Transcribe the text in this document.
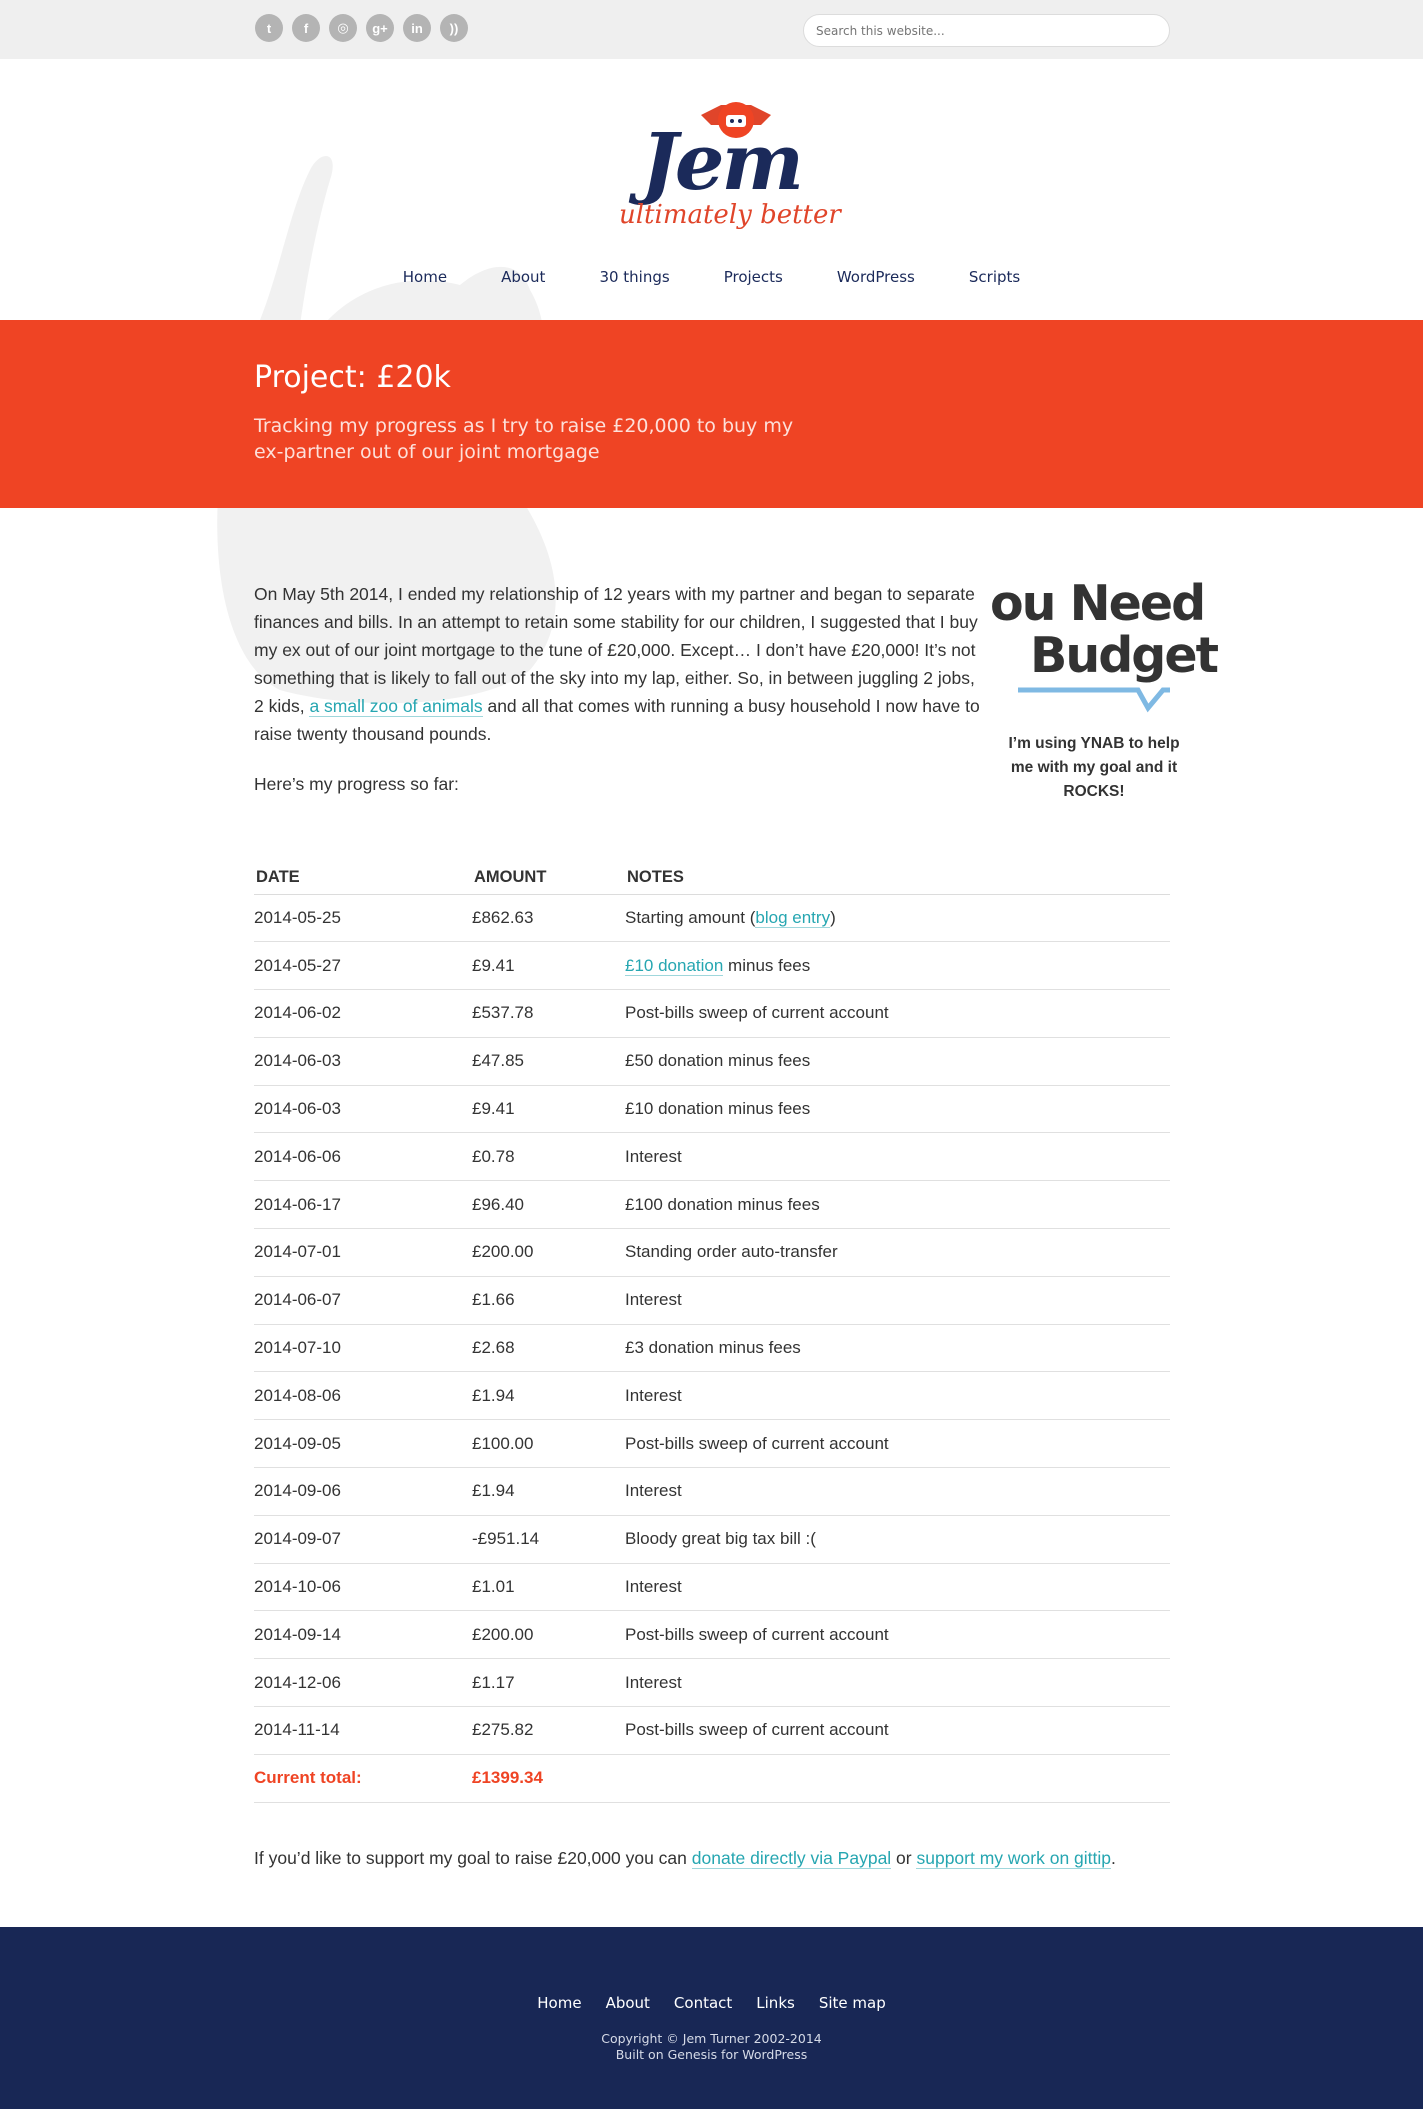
t	f	◎	g+	in	))
Search this website...
Jem
ultimately better
Home	About	30 things	Projects	WordPress	Scripts
Project: £20k

Tracking my progress as I try to raise £20,000 to buy my ex-partner out of our joint mortgage

On May 5th 2014, I ended my relationship of 12 years with my partner and began to separate finances and bills. In an attempt to retain some stability for our children, I suggested that I buy my ex out of our joint mortgage to the tune of £20,000. Except… I don’t have £20,000! It’s not something that is likely to fall out of the sky into my lap, either. So, in between juggling 2 jobs, 2 kids, a small zoo of animals and all that comes with running a busy household I now have to raise twenty thousand pounds.

Here’s my progress so far:

ou Need
Budget

I’m using YNAB to help me with my goal and it ROCKS!

DATE	AMOUNT	NOTES
2014-05-25	£862.63	Starting amount (blog entry)
2014-05-27	£9.41	£10 donation minus fees
2014-06-02	£537.78	Post-bills sweep of current account
2014-06-03	£47.85	£50 donation minus fees
2014-06-03	£9.41	£10 donation minus fees
2014-06-06	£0.78	Interest
2014-06-17	£96.40	£100 donation minus fees
2014-07-01	£200.00	Standing order auto-transfer
2014-06-07	£1.66	Interest
2014-07-10	£2.68	£3 donation minus fees
2014-08-06	£1.94	Interest
2014-09-05	£100.00	Post-bills sweep of current account
2014-09-06	£1.94	Interest
2014-09-07	-£951.14	Bloody great big tax bill :(
2014-10-06	£1.01	Interest
2014-09-14	£200.00	Post-bills sweep of current account
2014-12-06	£1.17	Interest
2014-11-14	£275.82	Post-bills sweep of current account
Current total:	£1399.34	

If you’d like to support my goal to raise £20,000 you can donate directly via Paypal or support my work on gittip.

Home About Contact Links Site map
Copyright © Jem Turner 2002-2014
Built on Genesis for WordPress
